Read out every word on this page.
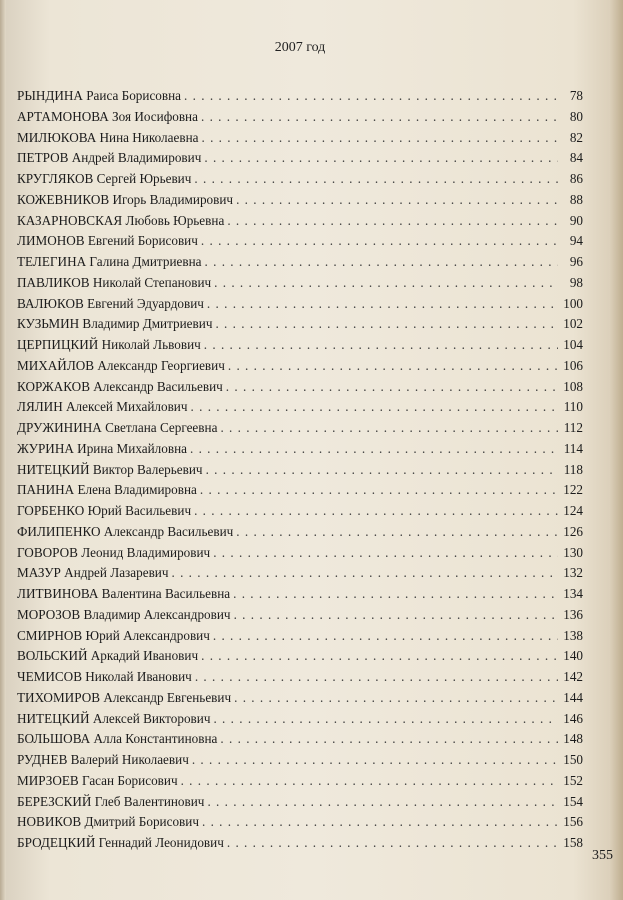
2007 год
РЫНДИНА Раиса Борисовна . . .	78
АРТАМОНОВА Зоя Иосифовна . . .	80
МИЛЮКОВА Нина Николаевна . . .	82
ПЕТРОВ Андрей Владимирович . . .	84
КРУГЛЯКОВ Сергей Юрьевич . . .	86
КОЖЕВНИКОВ Игорь Владимирович . . .	88
КАЗАРНОВСКАЯ Любовь Юрьевна . . .	90
ЛИМОНОВ Евгений Борисович . . .	94
ТЕЛЕГИНА Галина Дмитриевна . . .	96
ПАВЛИКОВ Николай Степанович . . .	98
ВАЛЮКОВ Евгений Эдуардович . . .	100
КУЗЬМИН Владимир Дмитриевич . . .	102
ЦЕРПИЦКИЙ Николай Львович . . .	104
МИХАЙЛОВ Александр Георгиевич . . .	106
КОРЖАКОВ Александр Васильевич . . .	108
ЛЯЛИН Алексей Михайлович . . .	110
ДРУЖИНИНА Светлана Сергеевна . . .	112
ЖУРИНА Ирина Михайловна . . .	114
НИТЕЦКИЙ Виктор Валерьевич . . .	118
ПАНИНА Елена Владимировна . . .	122
ГОРБЕНКО Юрий Васильевич . . .	124
ФИЛИПЕНКО Александр Васильевич . . .	126
ГОВОРОВ Леонид Владимирович . . .	130
МАЗУР Андрей Лазаревич . . .	132
ЛИТВИНОВА Валентина Васильевна . . .	134
МОРОЗОВ Владимир Александрович . . .	136
СМИРНОВ Юрий Александрович . . .	138
ВОЛЬСКИЙ Аркадий Иванович . . .	140
ЧЕМИСОВ Николай Иванович . . .	142
ТИХОМИРОВ Александр Евгеньевич . . .	144
НИТЕЦКИЙ Алексей Викторович . . .	146
БОЛЬШОВА Алла Константиновна . . .	148
РУДНЕВ Валерий Николаевич . . .	150
МИРЗОЕВ Гасан Борисович . . .	152
БЕРЕЗСКИЙ Глеб Валентинович . . .	154
НОВИКОВ Дмитрий Борисович . . .	156
БРОДЕЦКИЙ Геннадий Леонидович . . .	158
355
